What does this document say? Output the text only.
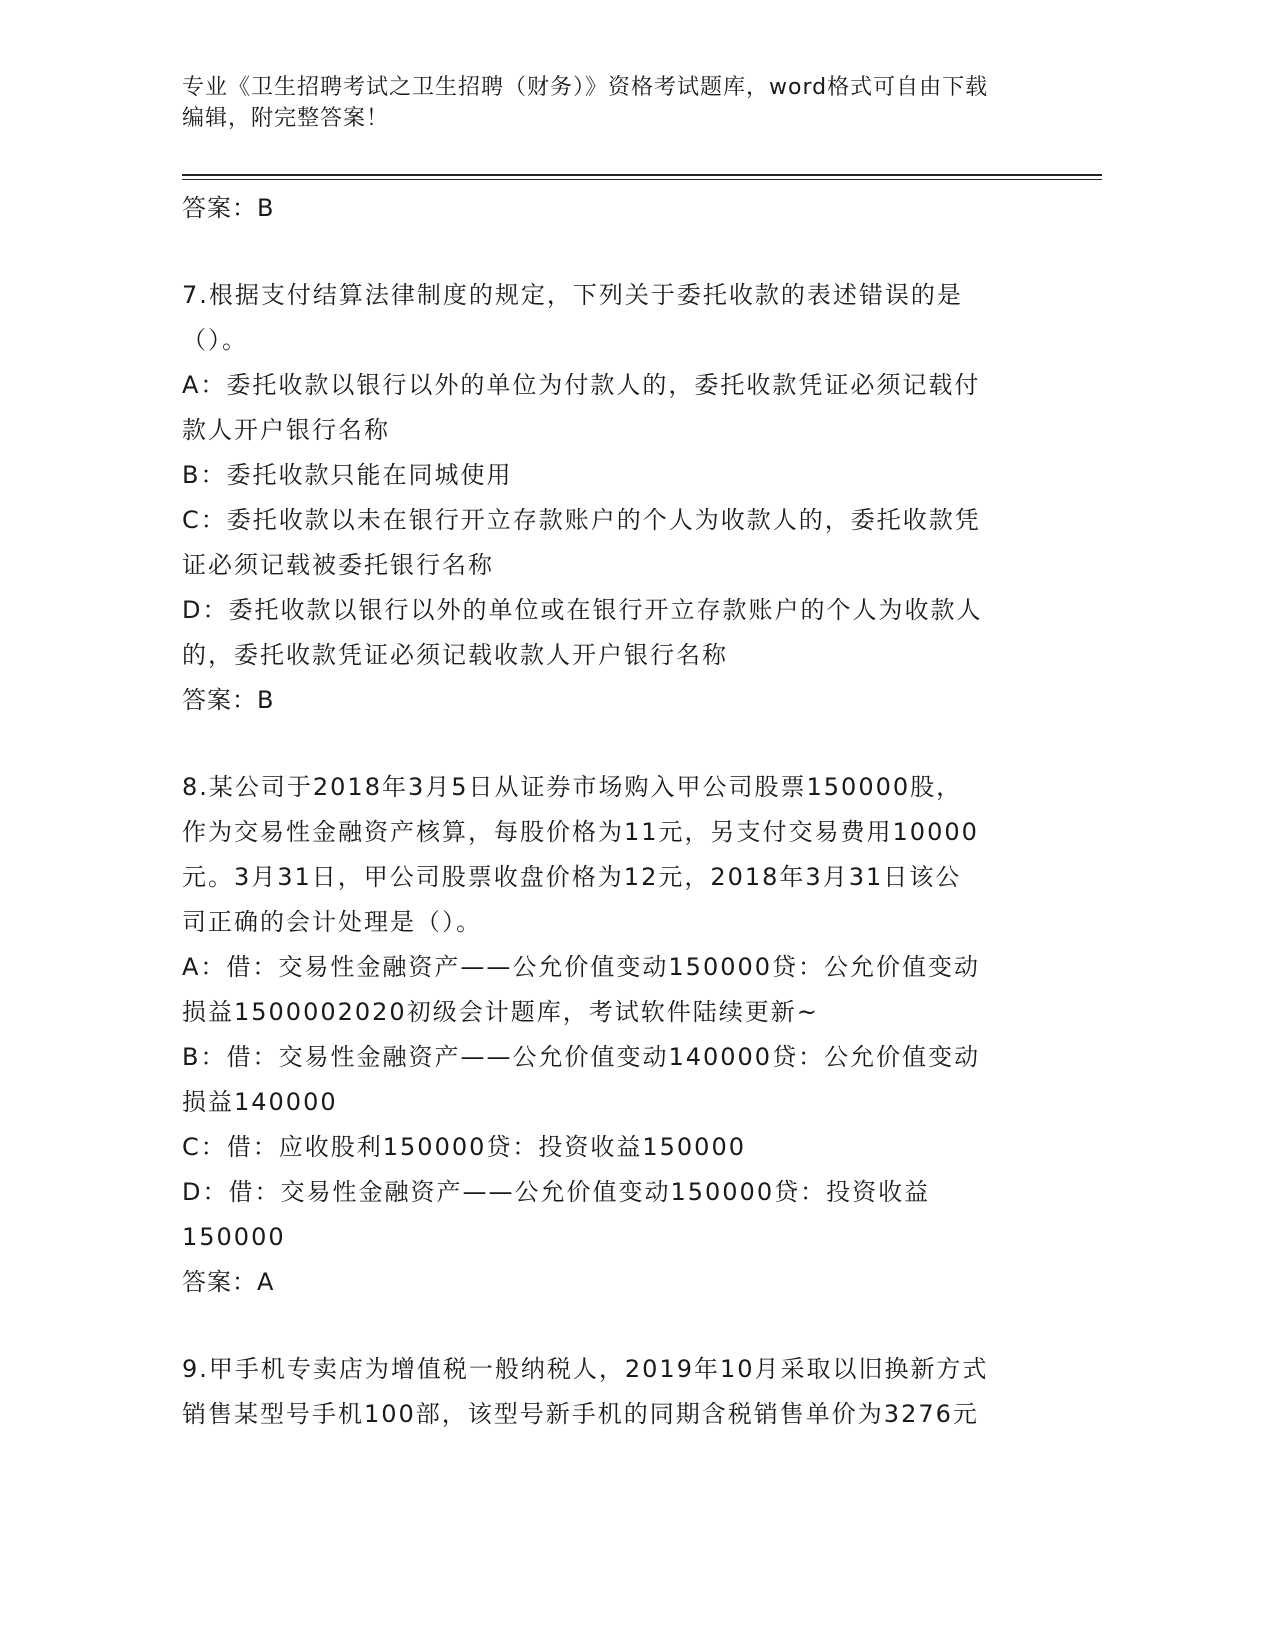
专业《卫生招聘考试之卫生招聘（财务）》资格考试题库，word格式可自由下载
编辑，附完整答案！

答案：B

7.根据支付结算法律制度的规定，下列关于委托收款的表述错误的是

（）。

A：委托收款以银行以外的单位为付款人的，委托收款凭证必须记载付

款人开户银行名称

B：委托收款只能在同城使用

C：委托收款以未在银行开立存款账户的个人为收款人的，委托收款凭

证必须记载被委托银行名称

D：委托收款以银行以外的单位或在银行开立存款账户的个人为收款人

的，委托收款凭证必须记载收款人开户银行名称

答案：B

8.某公司于2018年3月5日从证券市场购入甲公司股票150000股，

作为交易性金融资产核算，每股价格为11元，另支付交易费用10000

元。3月31日，甲公司股票收盘价格为12元，2018年3月31日该公

司正确的会计处理是（）。

A：借：交易性金融资产——公允价值变动150000贷：公允价值变动

损益1500002020初级会计题库，考试软件陆续更新~

B：借：交易性金融资产——公允价值变动140000贷：公允价值变动

损益140000

C：借：应收股利150000贷：投资收益150000

D：借：交易性金融资产——公允价值变动150000贷：投资收益

150000

答案：A

9.甲手机专卖店为增值税一般纳税人，2019年10月采取以旧换新方式

销售某型号手机100部，该型号新手机的同期含税销售单价为3276元
